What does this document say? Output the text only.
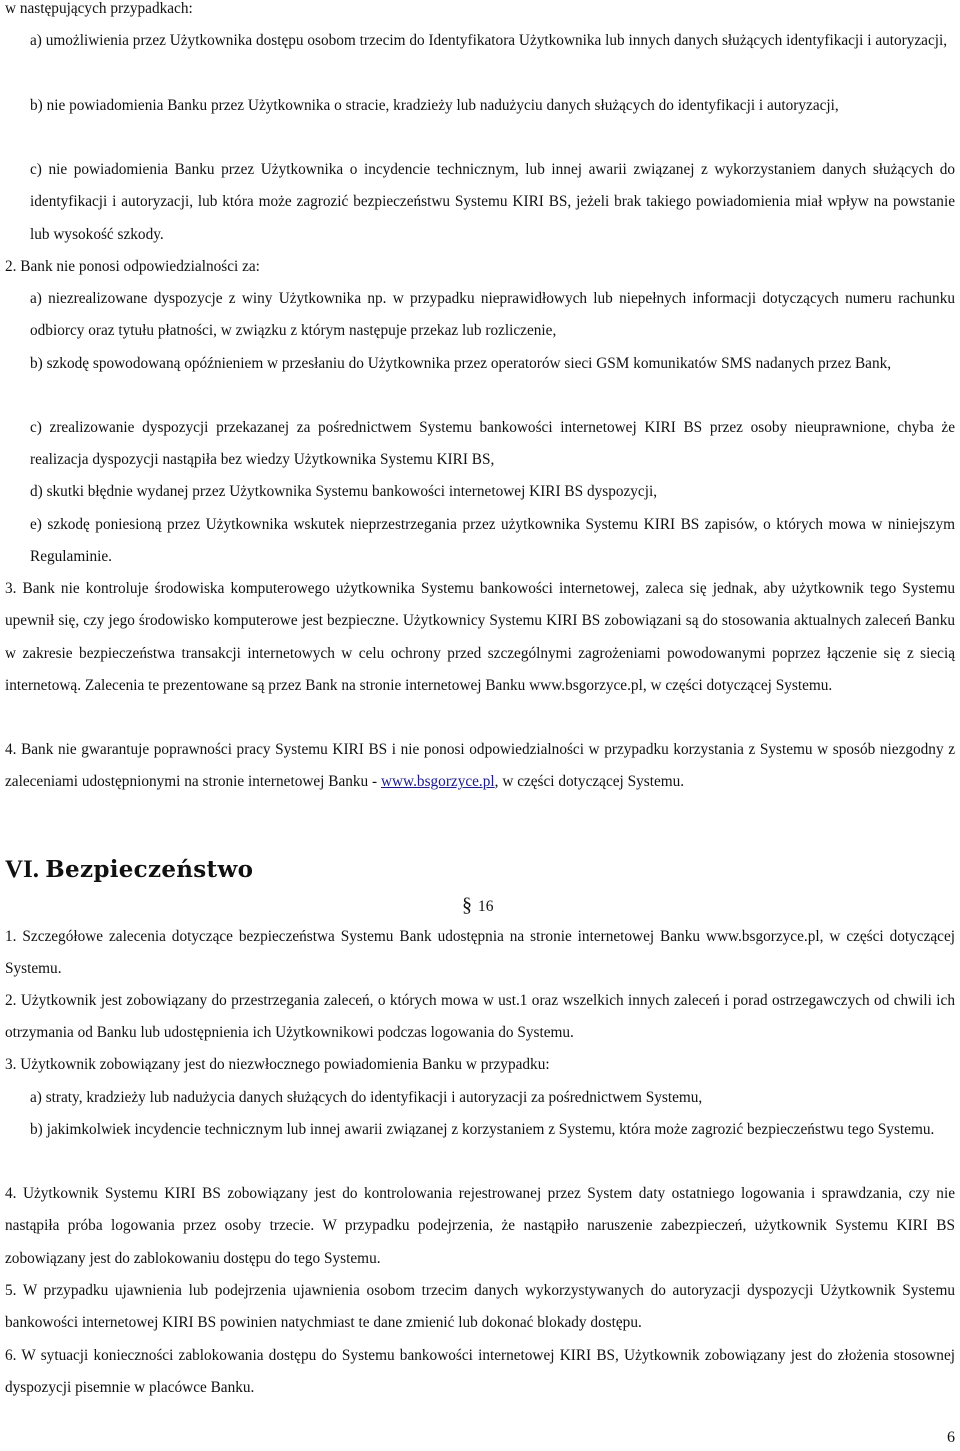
w następujących przypadkach:
a) umożliwienia przez Użytkownika dostępu osobom trzecim do Identyfikatora Użytkownika lub innych danych służących identyfikacji i autoryzacji,
b) nie powiadomienia Banku przez Użytkownika o stracie, kradzieży lub nadużyciu danych służących do identyfikacji i autoryzacji,
c) nie powiadomienia Banku przez Użytkownika o incydencie technicznym, lub innej awarii związanej z wykorzystaniem danych służących do identyfikacji i autoryzacji, lub która może zagrozić bezpieczeństwu Systemu KIRI BS, jeżeli brak takiego powiadomienia miał wpływ na powstanie lub wysokość szkody.
2. Bank nie ponosi odpowiedzialności za:
a) niezrealizowane dyspozycje z winy Użytkownika np. w przypadku nieprawidłowych lub niepełnych informacji dotyczących numeru rachunku odbiorcy oraz tytułu płatności, w związku z którym następuje przekaz lub rozliczenie,
b) szkodę spowodowaną opóźnieniem w przesłaniu do Użytkownika przez operatorów sieci GSM komunikatów SMS nadanych przez Bank,
c) zrealizowanie dyspozycji przekazanej za pośrednictwem Systemu bankowości internetowej KIRI BS przez osoby nieuprawnione, chyba że realizacja dyspozycji nastąpiła bez wiedzy Użytkownika Systemu KIRI BS,
d) skutki błędnie wydanej przez Użytkownika Systemu bankowości internetowej KIRI BS dyspozycji,
e) szkodę poniesioną przez Użytkownika wskutek nieprzestrzegania przez użytkownika Systemu KIRI BS zapisów, o których mowa w niniejszym Regulaminie.
3. Bank nie kontroluje środowiska komputerowego użytkownika Systemu bankowości internetowej, zaleca się jednak, aby użytkownik tego Systemu upewnił się, czy jego środowisko komputerowe jest bezpieczne. Użytkownicy Systemu KIRI BS zobowiązani są do stosowania aktualnych zaleceń Banku w zakresie bezpieczeństwa transakcji internetowych w celu ochrony przed szczególnymi zagrożeniami powodowanymi poprzez łączenie się z siecią internetową. Zalecenia te prezentowane są przez Bank na stronie internetowej Banku www.bsgorzyce.pl, w części dotyczącej Systemu.
4. Bank nie gwarantuje poprawności pracy Systemu KIRI BS i nie ponosi odpowiedzialności w przypadku korzystania z Systemu w sposób niezgodny z zaleceniami udostępnionymi na stronie internetowej Banku - www.bsgorzyce.pl, w części dotyczącej Systemu.
VI. Bezpieczeństwo
§ 16
1. Szczegółowe zalecenia dotyczące bezpieczeństwa Systemu Bank udostępnia na stronie internetowej Banku www.bsgorzyce.pl, w części dotyczącej Systemu.
2. Użytkownik jest zobowiązany do przestrzegania zaleceń, o których mowa w ust.1 oraz wszelkich innych zaleceń i porad ostrzegawczych od chwili ich otrzymania od Banku lub udostępnienia ich Użytkownikowi podczas logowania do Systemu.
3. Użytkownik zobowiązany jest do niezwłocznego powiadomienia Banku w przypadku:
a) straty, kradzieży lub nadużycia danych służących do identyfikacji i autoryzacji za pośrednictwem Systemu,
b) jakimkolwiek incydencie technicznym lub innej awarii związanej z korzystaniem z Systemu, która może zagrozić bezpieczeństwu tego Systemu.
4. Użytkownik Systemu KIRI BS zobowiązany jest do kontrolowania rejestrowanej przez System daty ostatniego logowania i sprawdzania, czy nie nastąpiła próba logowania przez osoby trzecie. W przypadku podejrzenia, że nastąpiło naruszenie zabezpieczeń, użytkownik Systemu KIRI BS zobowiązany jest do zablokowaniu dostępu do tego Systemu.
5. W przypadku ujawnienia lub podejrzenia ujawnienia osobom trzecim danych wykorzystywanych do autoryzacji dyspozycji Użytkownik Systemu bankowości internetowej KIRI BS powinien natychmiast te dane zmienić lub dokonać blokady dostępu.
6. W sytuacji konieczności zablokowania dostępu do Systemu bankowości internetowej KIRI BS, Użytkownik zobowiązany jest do złożenia stosownej dyspozycji pisemnie w placówce Banku.
6
